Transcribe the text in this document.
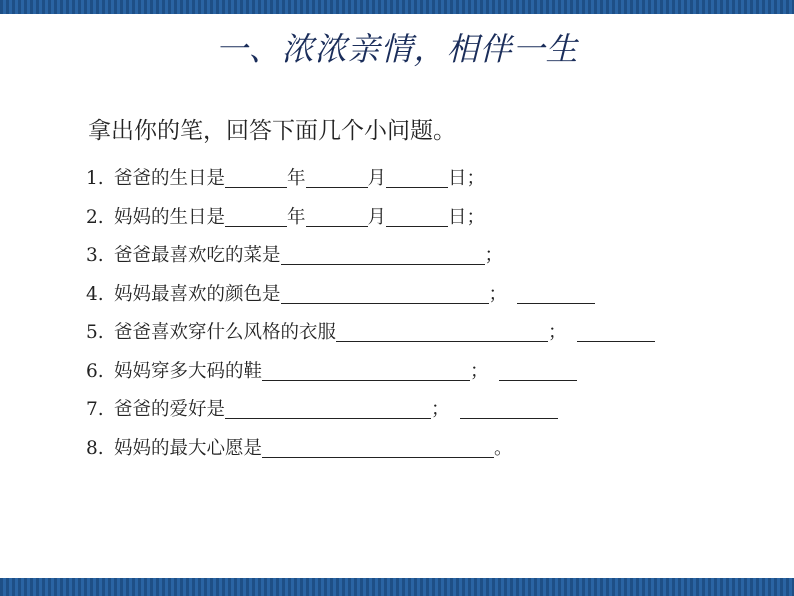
一、浓浓亲情，相伴一生
拿出你的笔，回答下面几个小问题。
1. 爸爸的生日是	年	月	日；
2. 妈妈的生日是	年	月	日；
3. 爸爸最喜欢吃的菜是	；
4. 妈妈最喜欢的颜色是	；
5. 爸爸喜欢穿什么风格的衣服	；
6. 妈妈穿多大码的鞋	；
7. 爸爸的爱好是	；
8. 妈妈的最大心愿是	。
